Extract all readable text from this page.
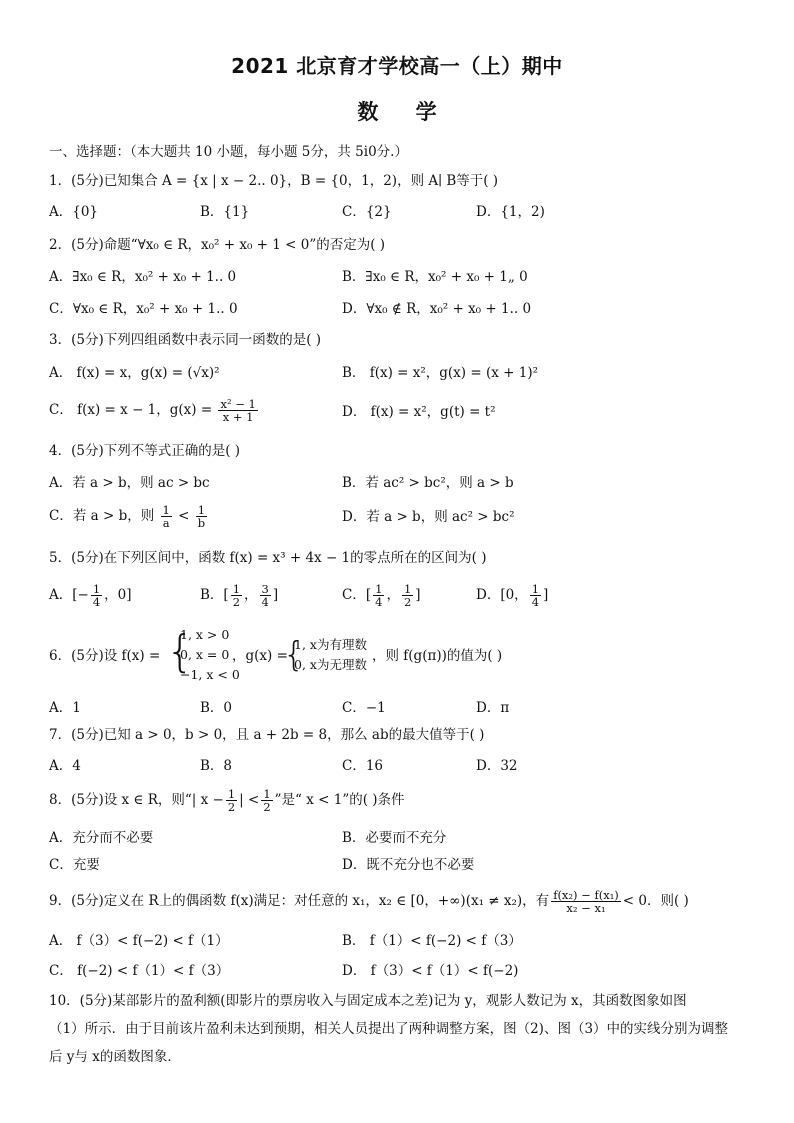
2021 北京育才学校高一（上）期中
数 学
一、选择题：（本大题共 10 小题，每小题 5分，共 5i0分.）
1．(5分)已知集合 A = {x | x − 2.. 0}，B = {0，1，2)，则 A∣ B等于( )
A．{0}	B．{1}	C．{2}	D．{1，2)
2．(5分)命题“∀x₀ ∈ R，x₀² + x₀ + 1 < 0”的否定为( )
A．∃x₀ ∈ R，x₀² + x₀ + 1.. 0	B．∃x₀ ∈ R，x₀² + x₀ + 1„ 0
C．∀x₀ ∈ R，x₀² + x₀ + 1.. 0	D．∀x₀ ∉ R，x₀² + x₀ + 1.. 0
3．(5分)下列四组函数中表示同一函数的是( )
A． f(x) = x，g(x) = (√x)²	B． f(x) = x²，g(x) = (x + 1)²
C． f(x) = x − 1，$g(x) = \frac{\text{x² − 1}}{x + 1}$	D． f(x) = x²，g(t) = t²
4．(5分)下列不等式正确的是( )
A．若 a > b，则 ac > bc	B．若 ac² > bc²，则 a > b
C．若 a > b，则 $\frac{1}{a} < \frac{1}{b}$	D．若 a > b，则 ac² > bc²
5．(5分)在下列区间中，函数 f(x) = x³ + 4x − 1的零点所在的区间为( )
A．[− $\frac{1}{4}$ ，0]	B．[ $\frac{1}{2}$ ， $\frac{3}{4}$ ]	C．[ $\frac{1}{4}$ ， $\frac{1}{2}$ ]	D．[0， $\frac{1}{4}$ ]
6．(5分)设 f(x) = {
1, x > 0
0, x = 0
−1, x < 0
，g(x) =
{
1, x为有理数
0, x为无理数
，则 f(g(π))的值为( )
A．1	B．0	C．−1	D．π
7．(5分)已知 a > 0，b > 0，且 a + 2b = 8，那么 ab的最大值等于( )
A．4	B．8	C．16	D．32
8．(5分)设 x ∈ R，则“| $x - \frac{1}{2}$ | < $\frac{1}{2}$ ”是“ x < 1”的( )条件
A．充分而不必要	B．必要而不充分
C．充要	D．既不充分也不必要
9．(5分)定义在 R上的偶函数 f(x)满足：对任意的 x₁，x₂ ∈ [0，+∞)(x₁ ≠ x₂)，有 $\frac{\text{f(x₂) − f(x₁)}}{\text{x₂ − x₁}} < 0$．则( )
A． f（3）< f(−2) < f（1）	B． f（1）< f(−2) < f（3）
C． f(−2) < f（1）< f（3）	D． f（3）< f（1）< f(−2)
10．(5分)某部影片的盈利额(即影片的票房收入与固定成本之差)记为 y，观影人数记为 x，其函数图象如图
（1）所示．由于目前该片盈利未达到预期，相关人员提出了两种调整方案，图（2)、图（3）中的实线分别为调整
后 y与 x的函数图象．
